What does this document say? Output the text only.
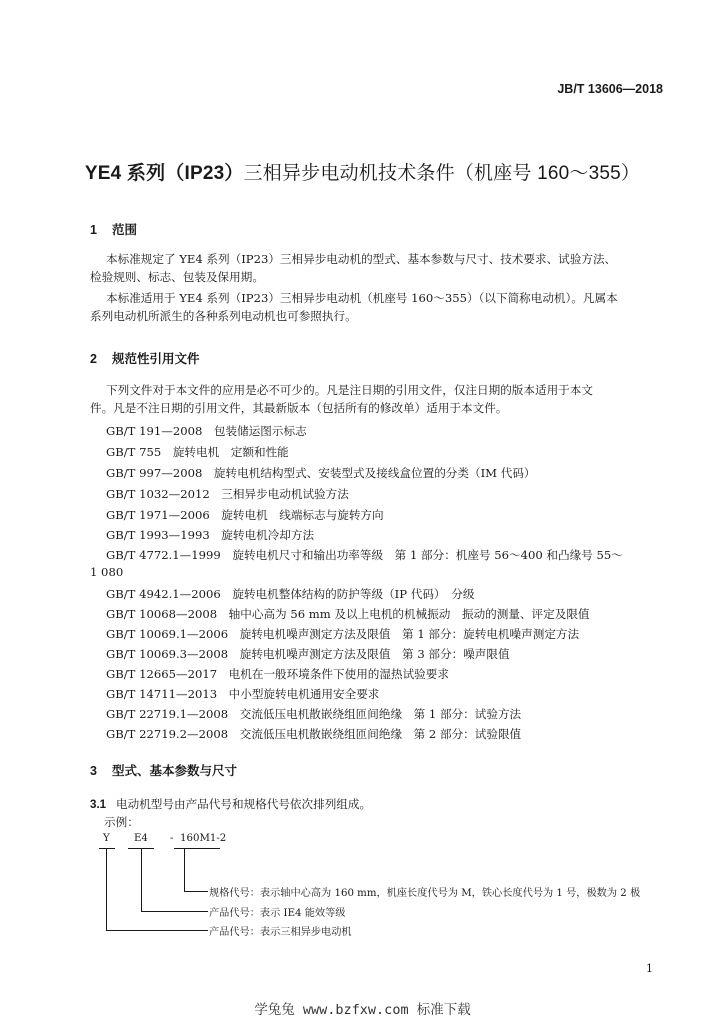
JB/T 13606—2018
YE4 系列（IP23）三相异步电动机技术条件（机座号 160～355）
1 范围
本标准规定了 YE4 系列（IP23）三相异步电动机的型式、基本参数与尺寸、技术要求、试验方法、
检验规则、标志、包装及保用期。
本标准适用于 YE4 系列（IP23）三相异步电动机（机座号 160～355）（以下简称电动机）。凡属本
系列电动机所派生的各种系列电动机也可参照执行。
2 规范性引用文件
下列文件对于本文件的应用是必不可少的。凡是注日期的引用文件，仅注日期的版本适用于本文
件。凡是不注日期的引用文件，其最新版本（包括所有的修改单）适用于本文件。
GB/T 191—2008　包装储运图示标志
GB/T 755　旋转电机　定额和性能
GB/T 997—2008　旋转电机结构型式、安装型式及接线盒位置的分类（IM 代码）
GB/T 1032—2012　三相异步电动机试验方法
GB/T 1971—2006　旋转电机　线端标志与旋转方向
GB/T 1993—1993　旋转电机冷却方法
GB/T 4772.1—1999　旋转电机尺寸和输出功率等级　第 1 部分：机座号 56～400 和凸缘号 55～
1 080
GB/T 4942.1—2006　旋转电机整体结构的防护等级（IP 代码）　分级
GB/T 10068—2008　轴中心高为 56 mm 及以上电机的机械振动　振动的测量、评定及限值
GB/T 10069.1—2006　旋转电机噪声测定方法及限值　第 1 部分：旋转电机噪声测定方法
GB/T 10069.3—2008　旋转电机噪声测定方法及限值　第 3 部分：噪声限值
GB/T 12665—2017　电机在一般环境条件下使用的湿热试验要求
GB/T 14711—2013　中小型旋转电机通用安全要求
GB/T 22719.1—2008　交流低压电机散嵌绕组匝间绝缘　第 1 部分：试验方法
GB/T 22719.2—2008　交流低压电机散嵌绕组匝间绝缘　第 2 部分：试验限值
3 型式、基本参数与尺寸
3.1 电动机型号由产品代号和规格代号依次排列组成。
示例：
Y E4 - 160M1-2
规格代号：表示轴中心高为 160 mm，机座长度代号为 M，铁心长度代号为 1 号，极数为 2 极
产品代号：表示 IE4 能效等级
产品代号：表示三相异步电动机
1
学兔兔 www.bzfxw.com 标准下载
